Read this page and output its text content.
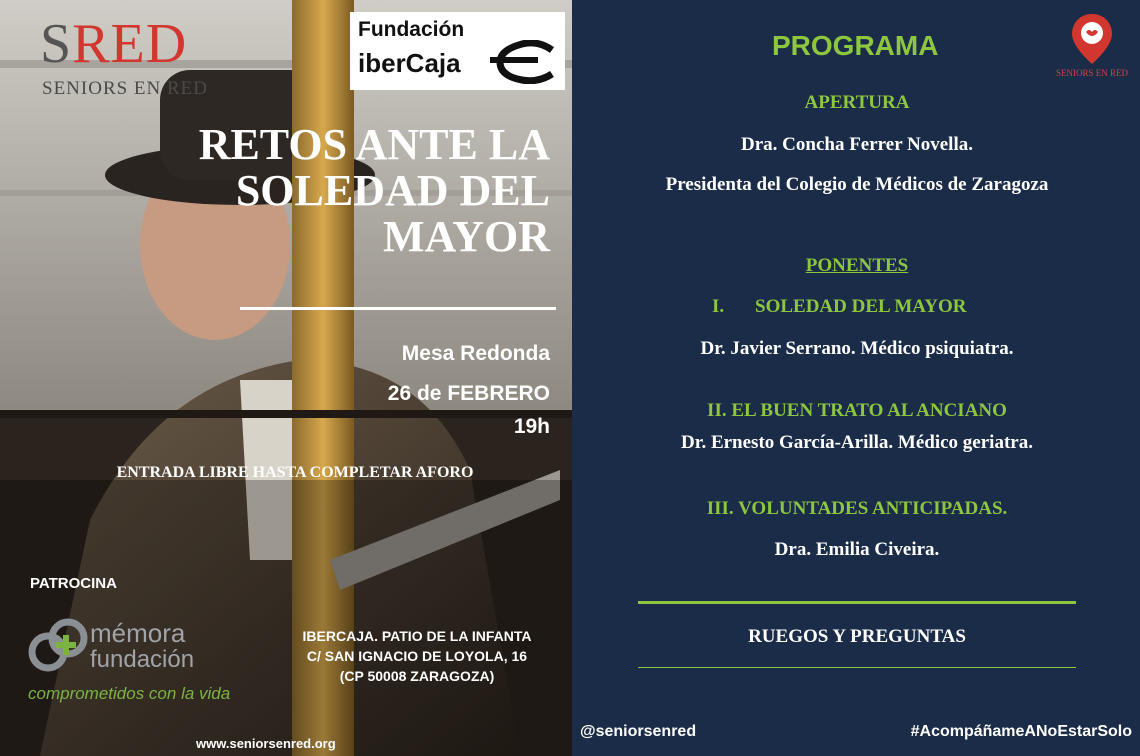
SRED
SENIORS EN RED
Fundación
iberCaja
RETOS ANTE LA
SOLEDAD DEL
MAYOR
Mesa Redonda
26 de FEBRERO
19h
ENTRADA LIBRE HASTA COMPLETAR AFORO
PATROCINA
mémora
fundación
comprometidos con la vida
IBERCAJA. PATIO DE LA INFANTA
C/ SAN IGNACIO DE LOYOLA, 16
(CP 50008 ZARAGOZA)
www.seniorsenred.org
PROGRAMA
SENIORS EN RED
APERTURA
Dra. Concha Ferrer Novella.
Presidenta del Colegio de Médicos de Zaragoza
PONENTES
I. SOLEDAD DEL MAYOR
Dr. Javier Serrano. Médico psiquiatra.
II. EL BUEN TRATO AL ANCIANO
Dr. Ernesto García-Arilla. Médico geriatra.
III. VOLUNTADES ANTICIPADAS.
Dra. Emilia Civeira.
RUEGOS Y PREGUNTAS
@seniorsenred	#AcompáñameANoEstarSolo
